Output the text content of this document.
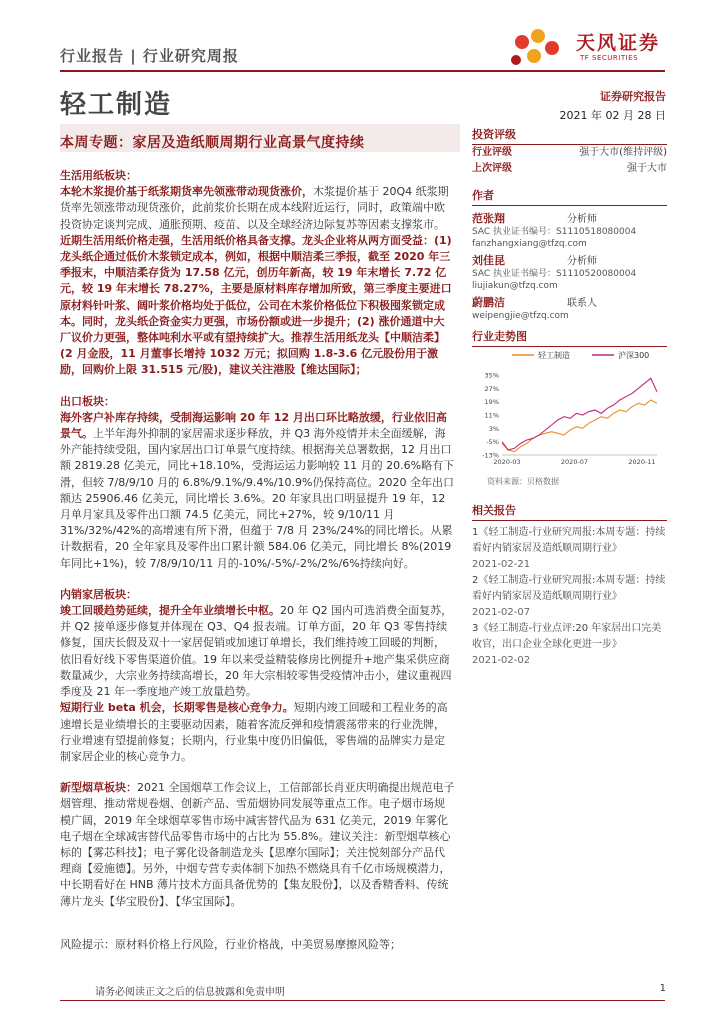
行业报告 | 行业研究周报
天风证券
TF SECURITIES
轻工制造	证券研究报告
2021 年 02 月 28 日
本周专题：家居及造纸顺周期行业高景气度持续

生活用纸板块：

本轮木浆提价基于纸浆期货率先领涨带动现货涨价，木浆提价基于 20Q4 纸浆期货率先领涨带动现货涨价，此前浆价长期在成本线附近运行，同时，政策端中欧投资协定谈判完成、通胀预期、疫苗、以及全球经济边际复苏等因素支撑浆市。

近期生活用纸价格走强，生活用纸价格具备支撑。龙头企业将从两方面受益：(1) 龙头纸企通过低价木浆锁定成本，例如，根据中顺洁柔三季报，截至 2020 年三季报末，中顺洁柔存货为 17.58 亿元，创历年新高，较 19 年末增长 7.72 亿元，较 19 年末增长 78.27%，主要是原材料库存增加所致，第三季度主要进口原材料针叶浆、阔叶浆价格均处于低位，公司在木浆价格低位下积极囤浆锁定成本。同时，龙头纸企资金实力更强，市场份额或进一步提升；(2) 涨价通道中大厂议价力更强，整体吨利水平或有望持续扩大。推荐生活用纸龙头【中顺洁柔】(2 月金股，11 月董事长增持 1032 万元；拟回购 1.8-3.6 亿元股份用于激励，回购价上限 31.515 元/股)，建议关注港股【维达国际】；

出口板块：

海外客户补库存持续，受制海运影响 20 年 12 月出口环比略放缓，行业依旧高景气。上半年海外抑制的家居需求逐步释放，并 Q3 海外疫情并未全面缓解，海外产能持续受阻，国内家居出口订单景气度持续。根据海关总署数据，12 月出口额 2819.28 亿美元，同比+18.10%，受海运运力影响较 11 月的 20.6%略有下滑，但较 7/8/9/10 月的 6.8%/9.1%/9.4%/10.9%仍保持高位。2020 全年出口额达 25906.46 亿美元，同比增长 3.6%。20 年家具出口明显提升 19 年，12 月单月家具及零件出口额 74.5 亿美元，同比+27%，较 9/10/11 月 31%/32%/42%的高增速有所下滑，但蕴于 7/8 月 23%/24%的同比增长。从累计数据看，20 全年家具及零件出口累计额 584.06 亿美元，同比增长 8%(2019 年同比+1%)，较 7/8/9/10/11 月的-10%/-5%/-2%/2%/6%持续向好。

内销家居板块：

竣工回暖趋势延续，提升全年业绩增长中枢。20 年 Q2 国内可选消费全面复苏，并 Q2 接单逐步修复并体现在 Q3、Q4 报表端。订单方面，20 年 Q3 零售持续修复，国庆长假及双十一家居促销或加速订单增长，我们维持竣工回暖的判断，依旧看好线下零售渠道价值。19 年以来受益精装修房比例提升+地产集采供应商数量减少，大宗业务持续高增长，20 年大宗相较零售受疫情冲击小，建议重视四季度及 21 年一季度地产竣工放量趋势。

短期行业 beta 机会，长期零售是核心竞争力。短期内竣工回暖和工程业务的高速增长是业绩增长的主要驱动因素，随着客流反弹和疫情震荡带来的行业洗牌，行业增速有望提前修复；长期内，行业集中度仍旧偏低，零售端的品牌实力是定制家居企业的核心竞争力。

新型烟草板块：2021 全国烟草工作会议上，工信部部长肖亚庆明确提出规范电子烟管理、推动常规卷烟、创新产品、雪茄烟协同发展等重点工作。电子烟市场规模广阔，2019 年全球烟草零售市场中减害替代品为 631 亿美元，2019 年雾化电子烟在全球减害替代品零售市场中的占比为 55.8%。建议关注：新型烟草核心标的【雾芯科技】；电子雾化设备制造龙头【思摩尔国际】；关注悦刻部分产品代理商【爱施德】。另外，中烟专营专卖体制下加热不燃烧具有千亿市场规模潜力，中长期看好在 HNB 薄片技术方面具备优势的【集友股份】，以及香精香料、传统薄片龙头【华宝股份】、【华宝国际】。

风险提示：原材料价格上行风险，行业价格战，中美贸易摩擦风险等；
投资评级
行业评级	强于大市(维持评级)
上次评级	强于大市
作者
范张翔	分析师
SAC 执业证书编号：S1110518080004
fanzhangxiang@tfzq.com
刘佳昆	分析师
SAC 执业证书编号：S1110520080004
liujiakun@tfzq.com
蔚鹏洁	联系人
weipengjie@tfzq.com
行业走势图
轻工制造	沪深300
35%
27%
19%
11%
3%
-5%
-13%
2020-03	2020-07	2020-11
资料来源：贝格数据
相关报告
1《轻工制造-行业研究周报:本周专题：持续看好内销家居及造纸顺周期行业》
2021-02-21
2《轻工制造-行业研究周报:本周专题：持续看好内销家居及造纸顺周期行业》
2021-02-07
3《轻工制造-行业点评:20 年家居出口完美收官，出口企业全球化更进一步》
2021-02-02
请务必阅读正文之后的信息披露和免责申明	1
